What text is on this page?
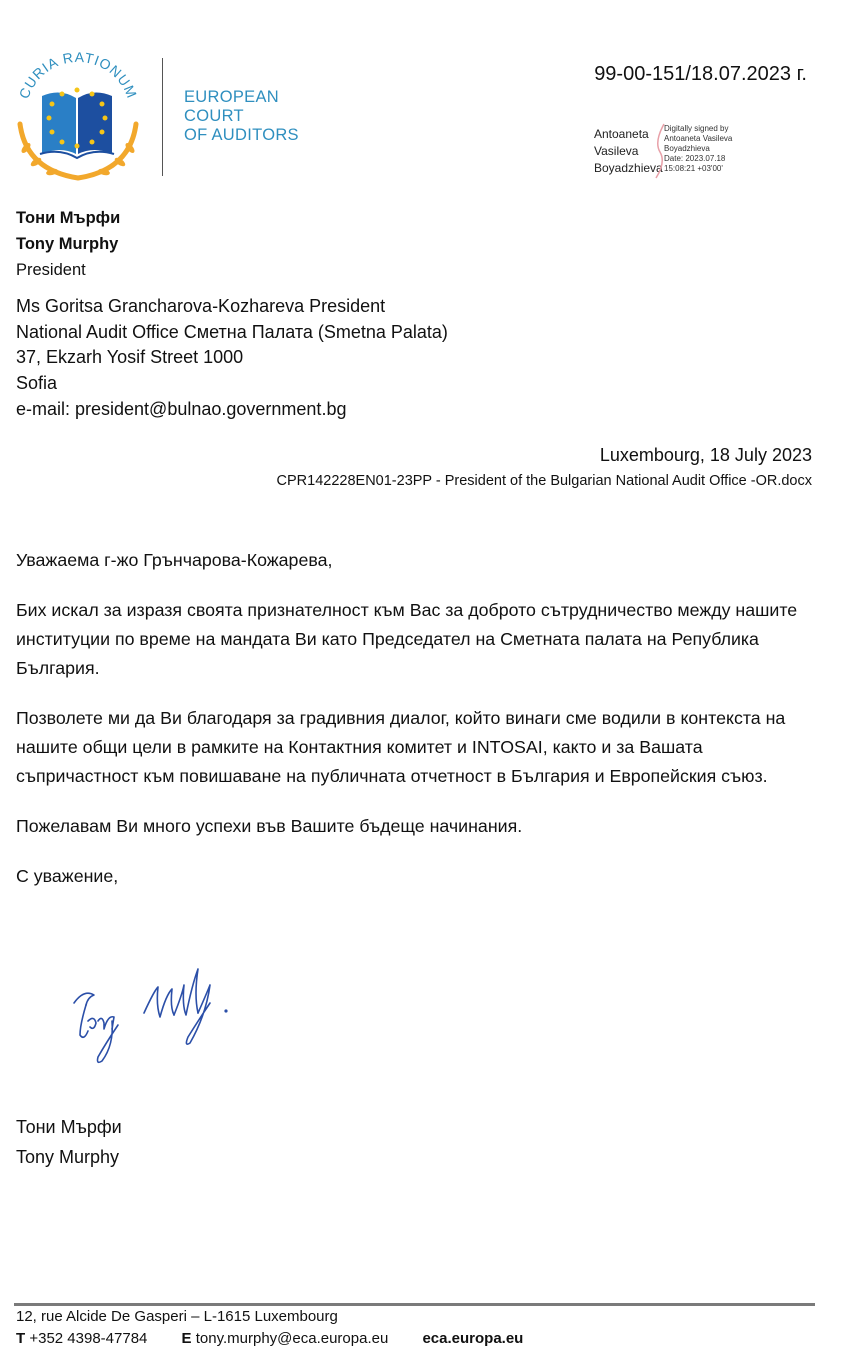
CURIA RATIONUM	EUROPEAN
COURT
OF AUDITORS
99-00-151/18.07.2023 г.
Antoaneta
Vasileva
Boyadzhieva
Digitally signed by
Antoaneta Vasileva
Boyadzhieva
Date: 2023.07.18
15:08:21 +03'00'
Тони Мърфи
Tony Murphy
President
Ms Goritsa Grancharova-Kozhareva President
National Audit Office Сметна Палата (Smetna Palata)
37, Ekzarh Yosif Street 1000
Sofia
e-mail: president@bulnao.government.bg
Luxembourg, 18 July 2023
CPR142228EN01-23PP - President of the Bulgarian National Audit Office -OR.docx

Уважаема г-жо Грънчарова-Кожарева,

Бих искал за изразя своята признателност към Вас за доброто сътрудничество между нашите институции по време на мандата Ви като Председател на Сметната палата на Република България.

Позволете ми да Ви благодаря за градивния диалог, който винаги сме водили в контекста на нашите общи цели в рамките на Контактния комитет и INTOSAI, както и за Вашата съпричастност към повишаване на публичната отчетност в България и Европейския съюз.

Пожелавам Ви много успехи във Вашите бъдеще начинания.

С уважение,

Тони Мърфи
Tony Murphy
12, rue Alcide De Gasperi – L-1615 Luxembourg
T +352 4398-47784 E tony.murphy@eca.europa.eu eca.europa.eu
